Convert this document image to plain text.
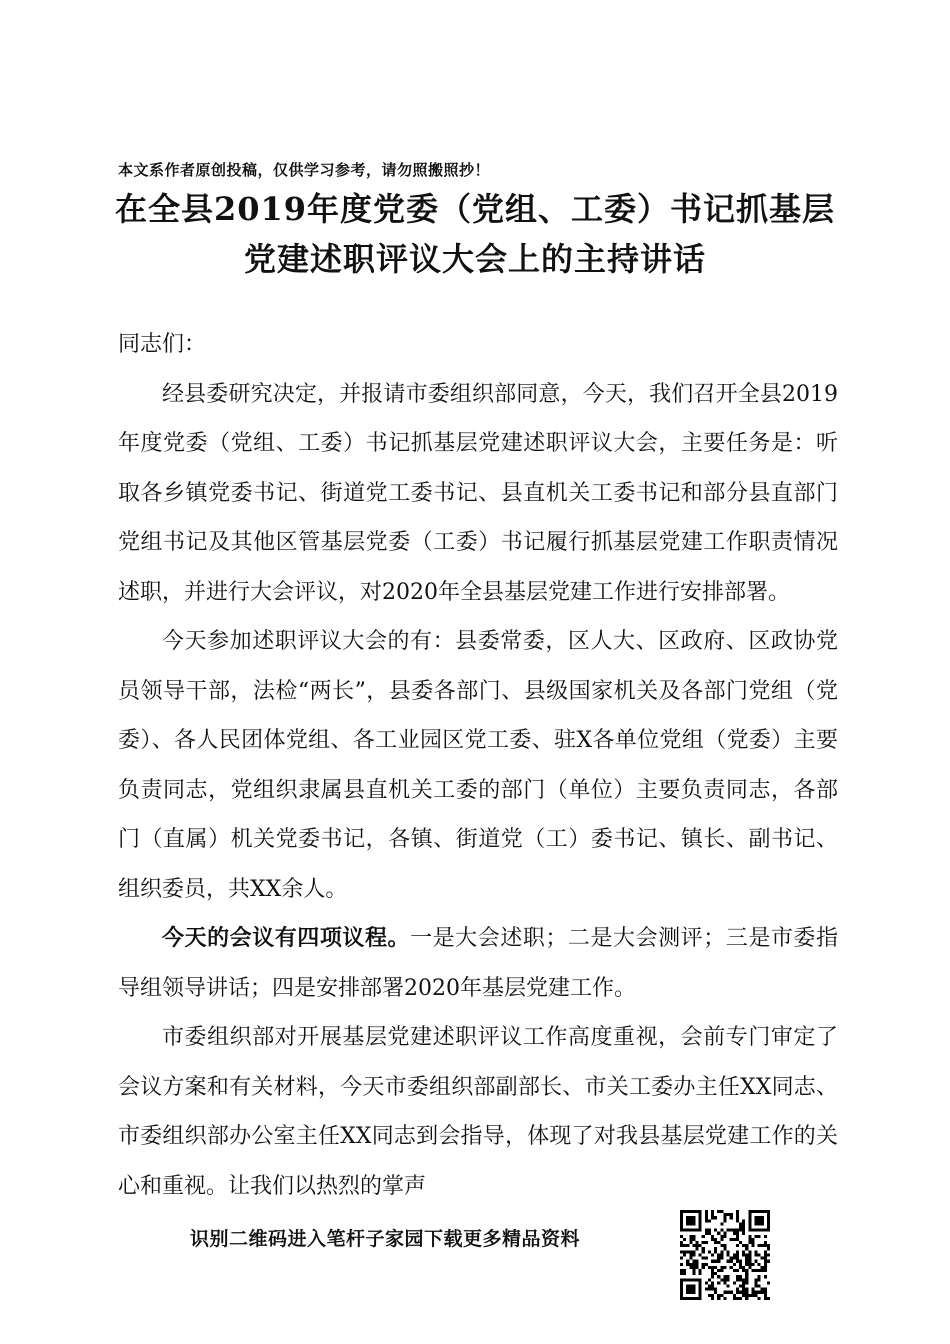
本文系作者原创投稿，仅供学习参考，请勿照搬照抄！
在全县2019年度党委（党组、工委）书记抓基层党建述职评议大会上的主持讲话

同志们：

经县委研究决定，并报请市委组织部同意，今天，我们召开全县2019年度党委（党组、工委）书记抓基层党建述职评议大会，主要任务是：听取各乡镇党委书记、街道党工委书记、县直机关工委书记和部分县直部门党组书记及其他区管基层党委（工委）书记履行抓基层党建工作职责情况述职，并进行大会评议，对2020年全县基层党建工作进行安排部署。

今天参加述职评议大会的有：县委常委，区人大、区政府、区政协党员领导干部，法检“两长”，县委各部门、县级国家机关及各部门党组（党委）、各人民团体党组、各工业园区党工委、驻X各单位党组（党委）主要负责同志，党组织隶属县直机关工委的部门（单位）主要负责同志，各部门（直属）机关党委书记，各镇、街道党（工）委书记、镇长、副书记、组织委员，共XX余人。

今天的会议有四项议程。一是大会述职；二是大会测评；三是市委指导组领导讲话；四是安排部署2020年基层党建工作。

市委组织部对开展基层党建述职评议工作高度重视，会前专门审定了会议方案和有关材料，今天市委组织部副部长、市关工委办主任XX同志、市委组织部办公室主任XX同志到会指导，体现了对我县基层党建工作的关心和重视。让我们以热烈的掌声

识别二维码进入笔杆子家园下载更多精品资料
